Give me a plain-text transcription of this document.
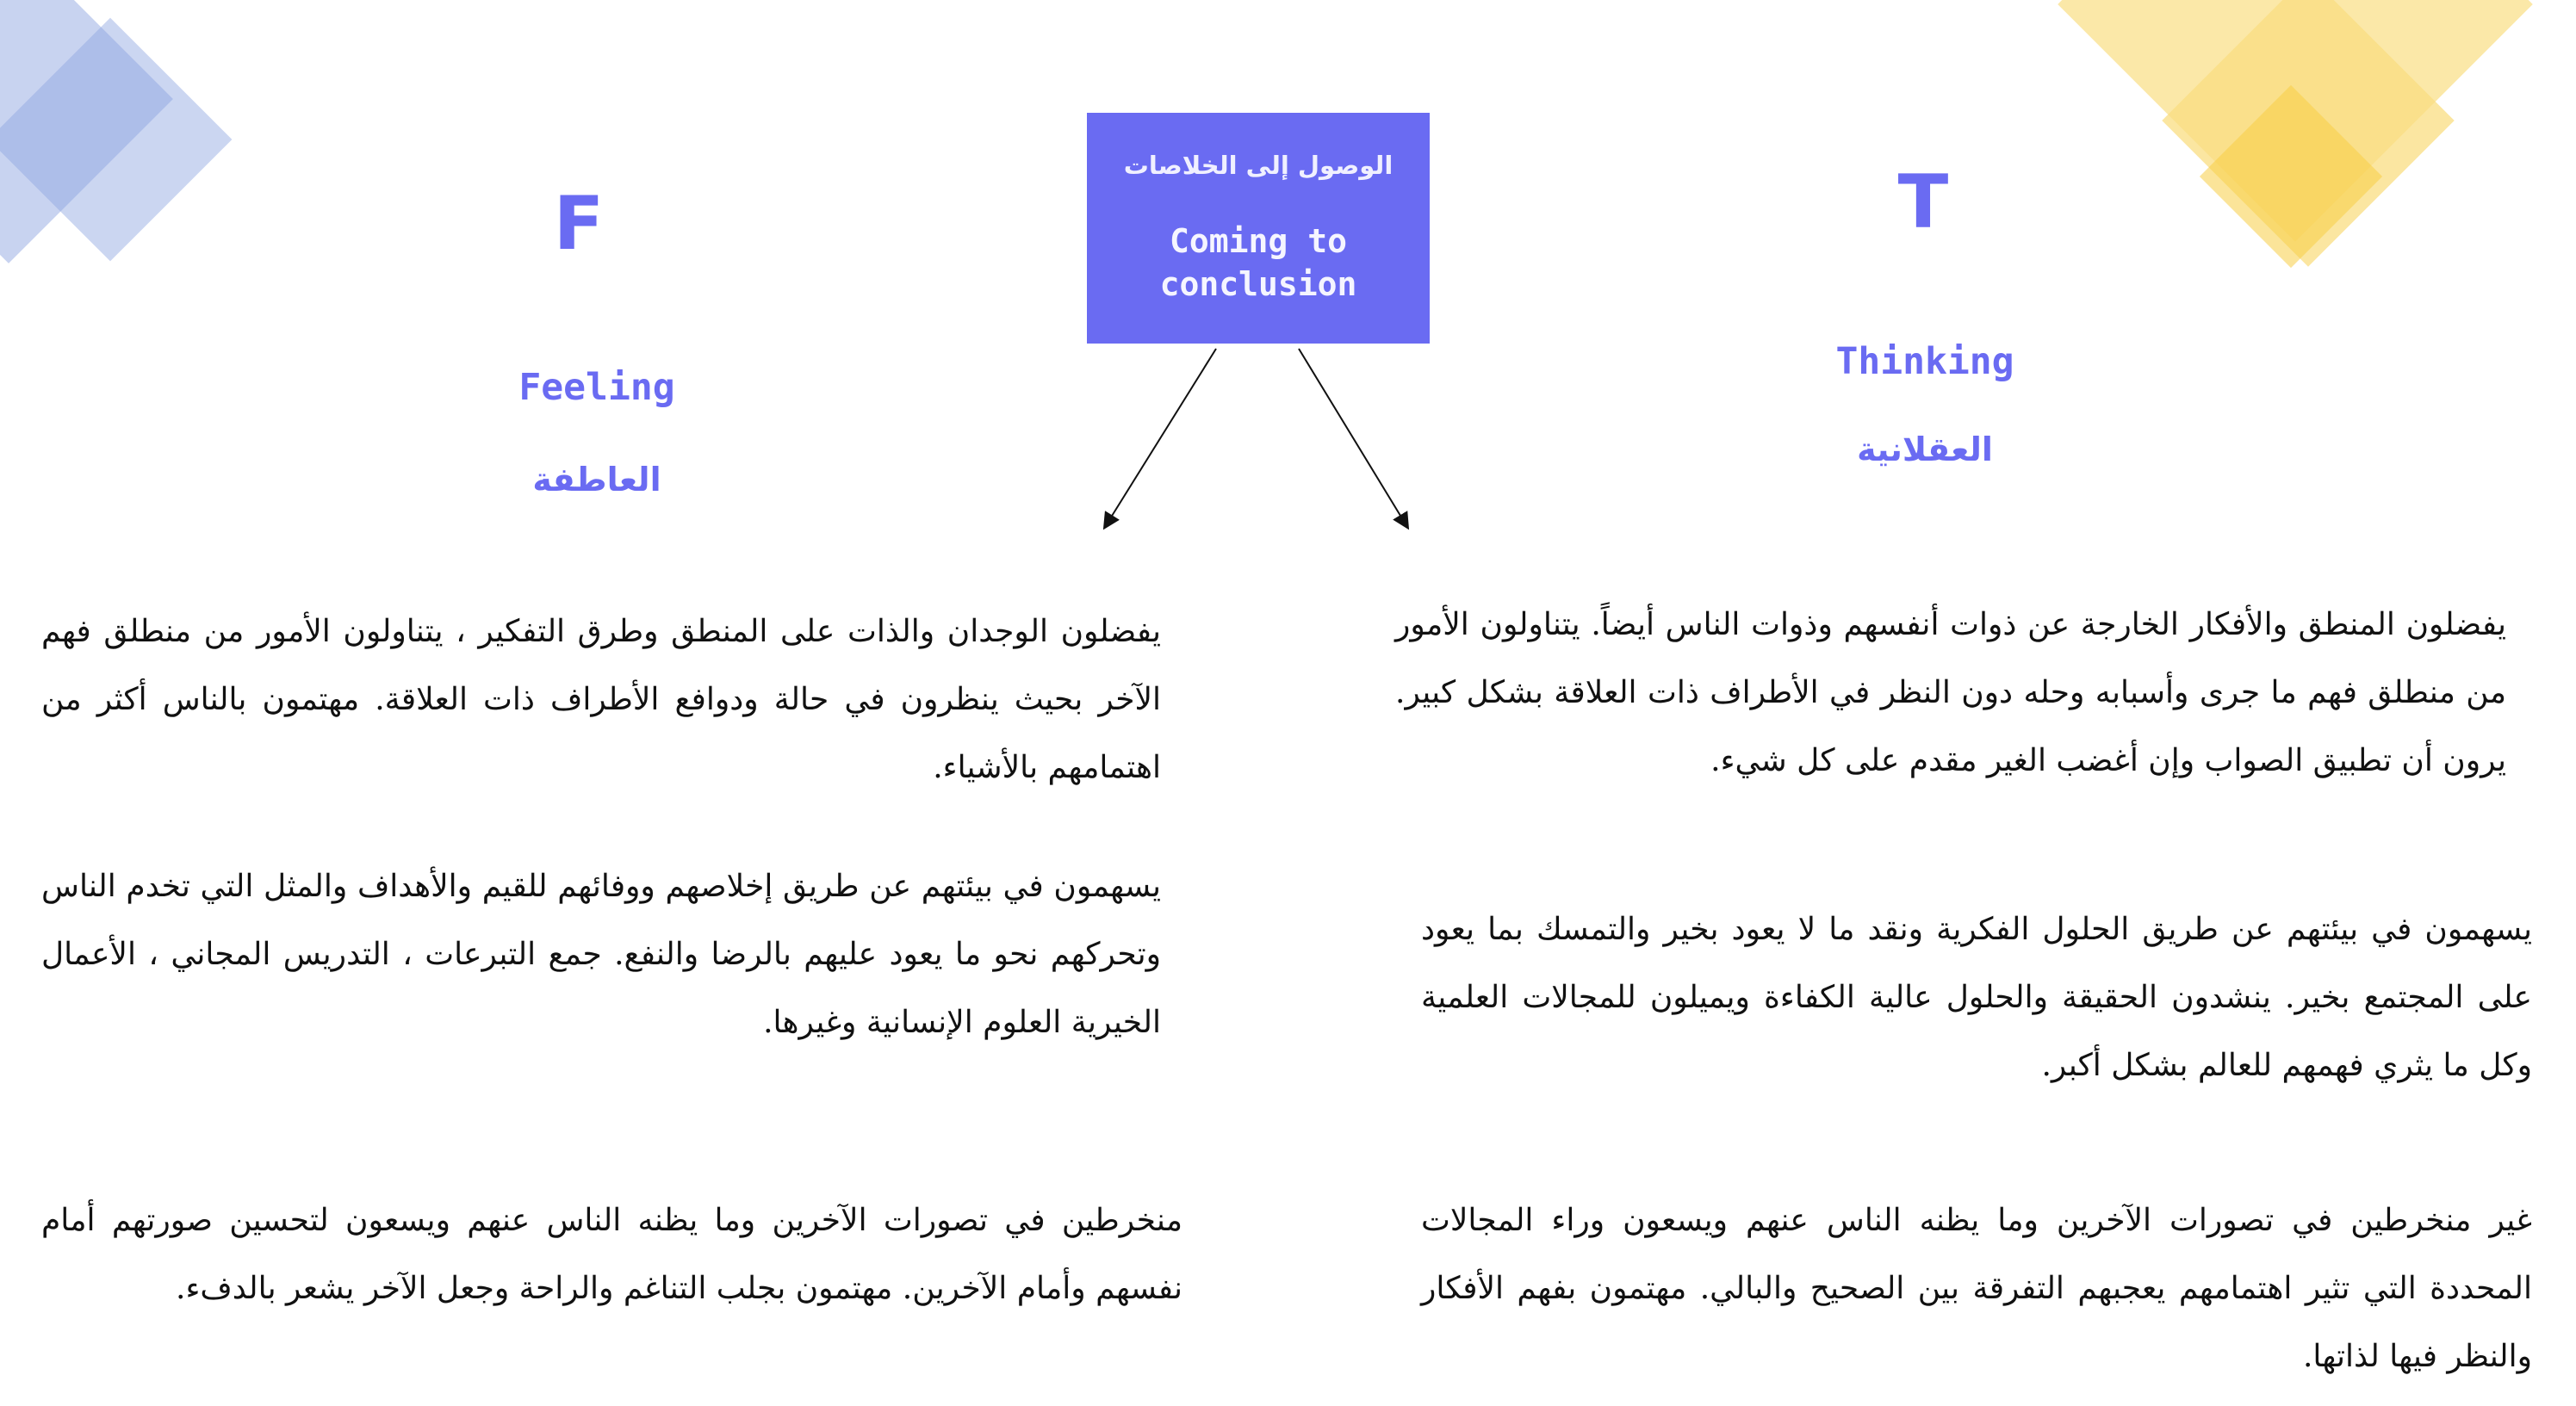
الوصول إلى الخلاصات
Coming to conclusion
F
Feeling
العاطفة
T
Thinking
العقلانية

يفضلون الوجدان والذات على المنطق وطرق التفكير ، يتناولون الأمور من منطلق فهم الآخر بحيث ينظرون في حالة ودوافع الأطراف ذات العلاقة. مهتمون بالناس أكثر من اهتمامهم بالأشياء.

يسهمون في بيئتهم عن طريق إخلاصهم ووفائهم للقيم والأهداف والمثل التي تخدم الناس وتحركهم نحو ما يعود عليهم بالرضا والنفع. جمع التبرعات ، التدريس المجاني ، الأعمال الخيرية العلوم الإنسانية وغيرها.

منخرطين في تصورات الآخرين وما يظنه الناس عنهم ويسعون لتحسين صورتهم أمام نفسهم وأمام الآخرين. مهتمون بجلب التناغم والراحة وجعل الآخر يشعر بالدفء.

يفضلون المنطق والأفكار الخارجة عن ذوات أنفسهم وذوات الناس أيضاً. يتناولون الأمور من منطلق فهم ما جرى وأسبابه وحله دون النظر في الأطراف ذات العلاقة بشكل كبير. يرون أن تطبيق الصواب وإن أغضب الغير مقدم على كل شيء.

يسهمون في بيئتهم عن طريق الحلول الفكرية ونقد ما لا يعود بخير والتمسك بما يعود على المجتمع بخير. ينشدون الحقيقة والحلول عالية الكفاءة ويميلون للمجالات العلمية وكل ما يثري فهمهم للعالم بشكل أكبر.

غير منخرطين في تصورات الآخرين وما يظنه الناس عنهم ويسعون وراء المجالات المحددة التي تثير اهتمامهم يعجبهم التفرقة بين الصحيح والبالي. مهتمون بفهم الأفكار والنظر فيها لذاتها.
